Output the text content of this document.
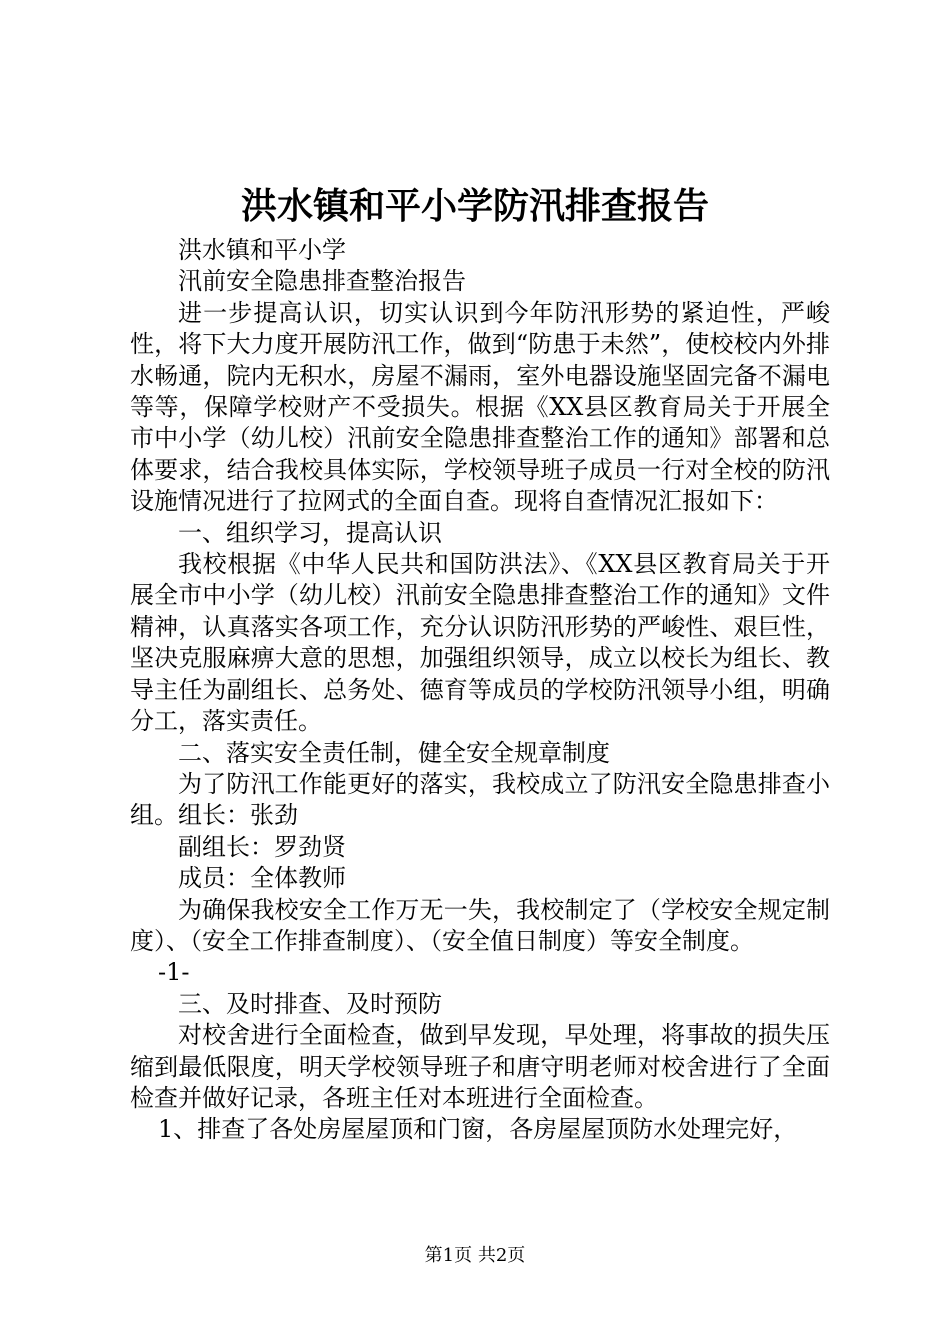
洪水镇和平小学防汛排查报告

洪水镇和平小学

汛前安全隐患排查整治报告

进一步提高认识，切实认识到今年防汛形势的紧迫性，严峻性，将下大力度开展防汛工作，做到“防患于未然”，使校校内外排水畅通，院内无积水，房屋不漏雨，室外电器设施坚固完备不漏电等等，保障学校财产不受损失。根据《XX县区教育局关于开展全市中小学（幼儿校）汛前安全隐患排查整治工作的通知》部署和总体要求，结合我校具体实际，学校领导班子成员一行对全校的防汛设施情况进行了拉网式的全面自查。现将自查情况汇报如下：

一、组织学习，提高认识

我校根据《中华人民共和国防洪法》、《XX县区教育局关于开展全市中小学（幼儿校）汛前安全隐患排查整治工作的通知》文件精神，认真落实各项工作，充分认识防汛形势的严峻性、艰巨性，坚决克服麻痹大意的思想，加强组织领导，成立以校长为组长、教导主任为副组长、总务处、德育等成员的学校防汛领导小组，明确分工，落实责任。

二、落实安全责任制，健全安全规章制度

为了防汛工作能更好的落实，我校成立了防汛安全隐患排查小组。组长：张劲

副组长：罗劲贤

成员：全体教师

为确保我校安全工作万无一失，我校制定了（学校安全规定制度）、（安全工作排查制度）、（安全值日制度）等安全制度。

-1-

三、及时排查、及时预防

对校舍进行全面检查，做到早发现，早处理，将事故的损失压缩到最低限度，明天学校领导班子和唐守明老师对校舍进行了全面检查并做好记录，各班主任对本班进行全面检查。

1、排查了各处房屋屋顶和门窗，各房屋屋顶防水处理完好，

第1页 共2页
